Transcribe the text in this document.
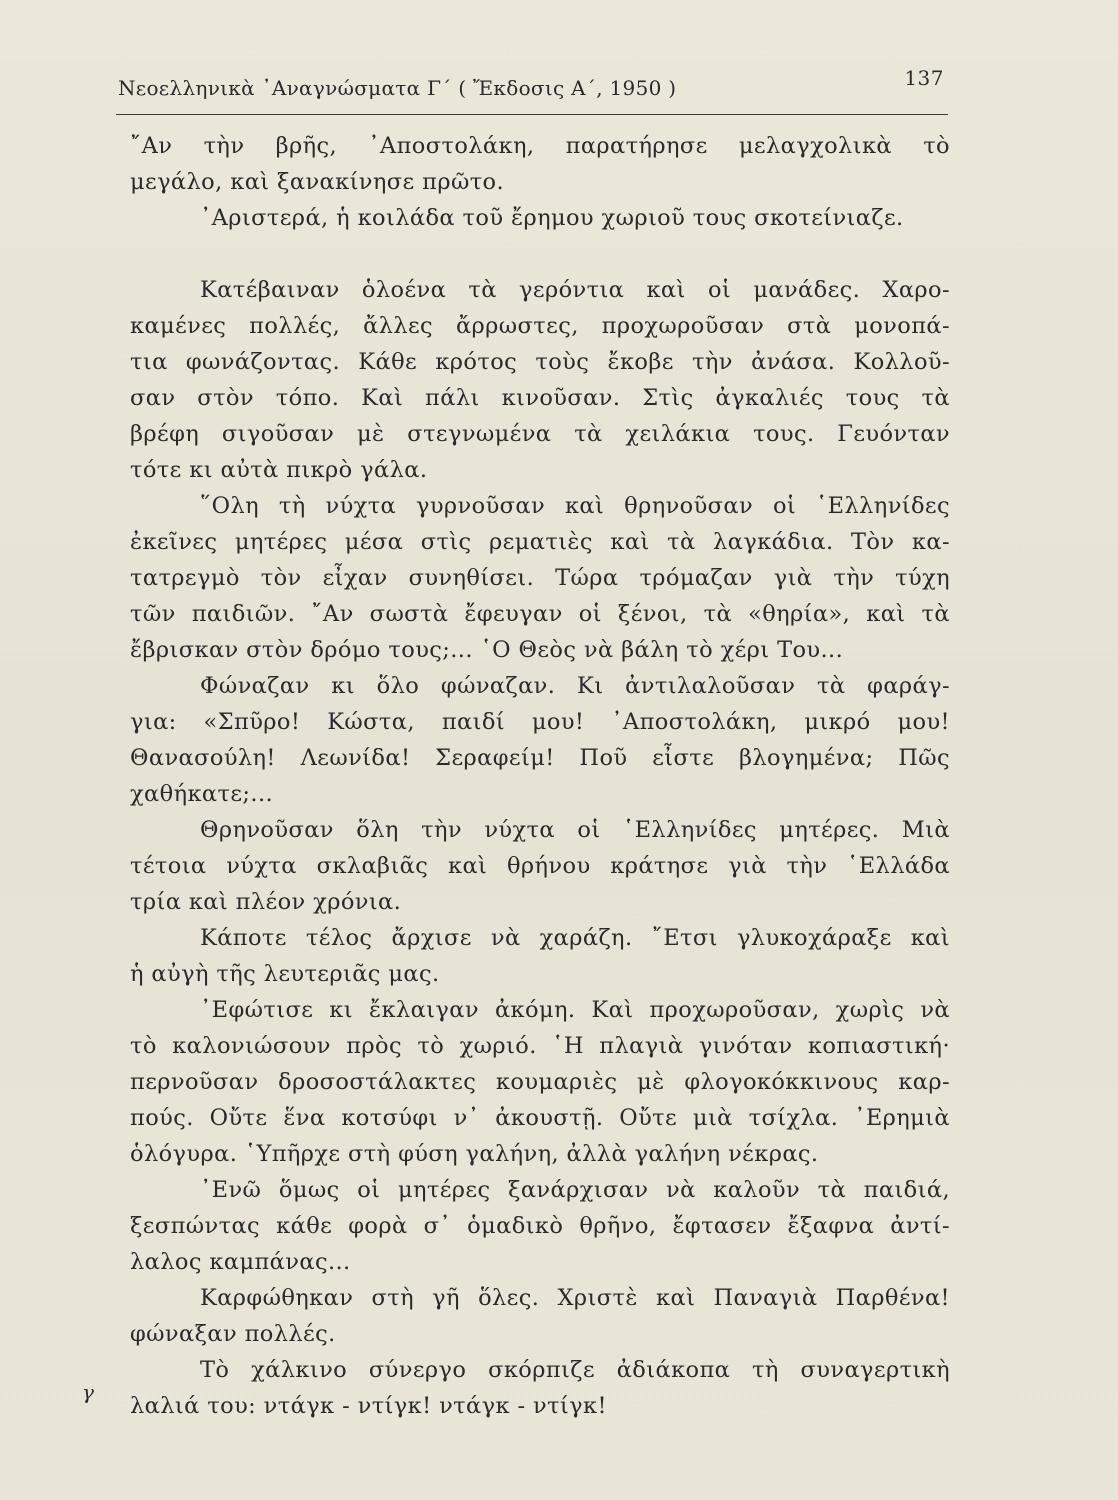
Νεοελληνικὰ ᾿Αναγνώσματα Γ΄ ( Ἔκδοσις Α΄, 1950 )	137
῎Αν τὴν βρῆς, ᾿Αποστολάκη, παρατήρησε μελαγχολικὰ τὸ
μεγάλο, καὶ ξανακίνησε πρῶτο.
᾿Αριστερά, ἡ κοιλάδα τοῦ ἔρημου χωριοῦ τους σκοτείνιαζε.
Κατέβαιναν ὁλοένα τὰ γερόντια καὶ οἱ μανάδες. Χαρο-
καμένες πολλές, ἄλλες ἄρρωστες, προχωροῦσαν στὰ μονοπά-
τια φωνάζοντας. Κάθε κρότος τοὺς ἔκοβε τὴν ἀνάσα. Κολλοῦ-
σαν στὸν τόπο. Καὶ πάλι κινοῦσαν. Στὶς ἀγκαλιές τους τὰ
βρέφη σιγοῦσαν μὲ στεγνωμένα τὰ χειλάκια τους. Γευόνταν
τότε κι αὐτὰ πικρὸ γάλα.
῞Ολη τὴ νύχτα γυρνοῦσαν καὶ θρηνοῦσαν οἱ ῾Ελληνίδες
ἐκεῖνες μητέρες μέσα στὶς ρεματιὲς καὶ τὰ λαγκάδια. Τὸν κα-
τατρεγμὸ τὸν εἶχαν συνηθίσει. Τώρα τρόμαζαν γιὰ τὴν τύχη
τῶν παιδιῶν. ῎Αν σωστὰ ἔφευγαν οἱ ξένοι, τὰ «θηρία», καὶ τὰ
ἔβρισκαν στὸν δρόμο τους;... ῾Ο Θεὸς νὰ βάλη τὸ χέρι Του...
Φώναζαν κι ὅλο φώναζαν. Κι ἀντιλαλοῦσαν τὰ φαράγ-
για: «Σπῦρο! Κώστα, παιδί μου! ᾿Αποστολάκη, μικρό μου!
Θανασούλη! Λεωνίδα! Σεραφείμ! Ποῦ εἶστε βλογημένα; Πῶς
χαθήκατε;...
Θρηνοῦσαν ὅλη τὴν νύχτα οἱ ῾Ελληνίδες μητέρες. Μιὰ
τέτοια νύχτα σκλαβιᾶς καὶ θρήνου κράτησε γιὰ τὴν ῾Ελλάδα
τρία καὶ πλέον χρόνια.
Κάποτε τέλος ἄρχισε νὰ χαράζη. ῎Ετσι γλυκοχάραξε καὶ
ἡ αὐγὴ τῆς λευτεριᾶς μας.
᾿Εφώτισε κι ἔκλαιγαν ἀκόμη. Καὶ προχωροῦσαν, χωρὶς νὰ
τὸ καλονιώσουν πρὸς τὸ χωριό. ῾Η πλαγιὰ γινόταν κοπιαστική·
περνοῦσαν δροσοστάλακτες κουμαριὲς μὲ φλογοκόκκινους καρ-
πούς. Οὔτε ἕνα κοτσύφι ν᾿ ἀκουστῇ. Οὔτε μιὰ τσίχλα. ᾿Ερημιὰ
ὁλόγυρα. ῾Υπῆρχε στὴ φύση γαλήνη, ἀλλὰ γαλήνη νέκρας.
᾿Ενῶ ὅμως οἱ μητέρες ξανάρχισαν νὰ καλοῦν τὰ παιδιά,
ξεσπώντας κάθε φορὰ σ᾿ ὁμαδικὸ θρῆνο, ἔφτασεν ἔξαφνα ἀντί-
λαλος καμπάνας...
Καρφώθηκαν στὴ γῆ ὅλες. Χριστὲ καὶ Παναγιὰ Παρθένα!
φώναξαν πολλές.
Τὸ χάλκινο σύνεργο σκόρπιζε ἀδιάκοπα τὴ συναγερτικὴ
λαλιά του: ντάγκ - ντίγκ! ντάγκ - ντίγκ!
γ
